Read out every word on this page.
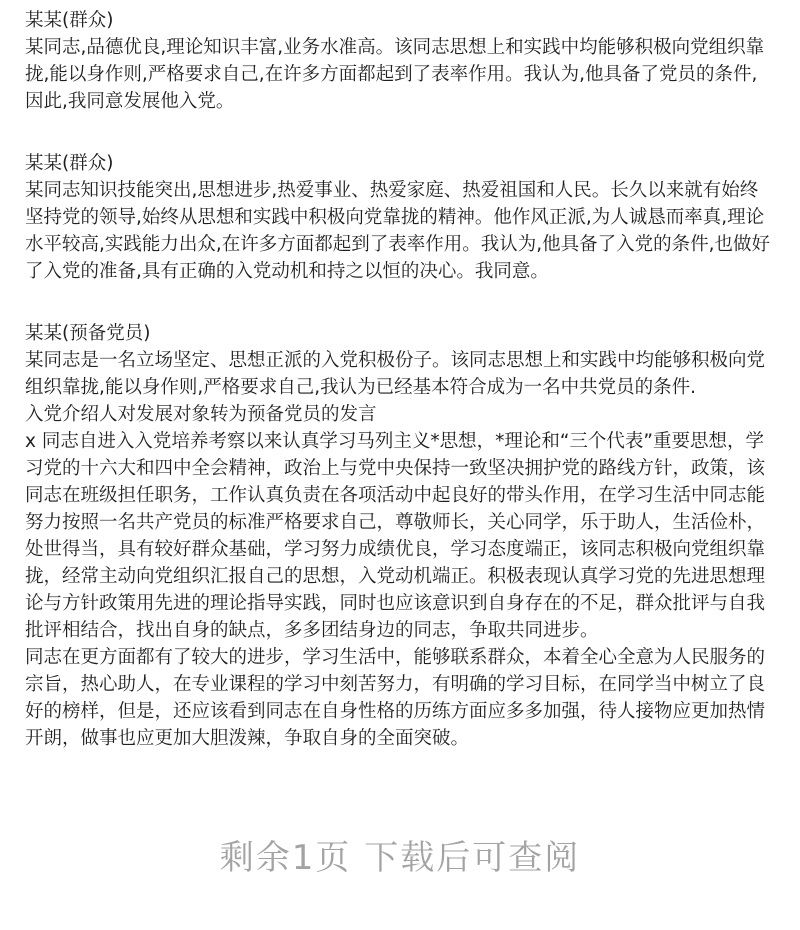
某某(群众)

某同志,品德优良,理论知识丰富,业务水准高。该同志思想上和实践中均能够积极向党组织靠

拢,能以身作则,严格要求自己,在许多方面都起到了表率作用。我认为,他具备了党员的条件,

因此,我同意发展他入党。

某某(群众)

某同志知识技能突出,思想进步,热爱事业、热爱家庭、热爱祖国和人民。长久以来就有始终

坚持党的领导,始终从思想和实践中积极向党靠拢的精神。他作风正派,为人诚恳而率真,理论

水平较高,实践能力出众,在许多方面都起到了表率作用。我认为,他具备了入党的条件,也做好

了入党的准备,具有正确的入党动机和持之以恒的决心。我同意。

某某(预备党员)

某同志是一名立场坚定、思想正派的入党积极份子。该同志思想上和实践中均能够积极向党

组织靠拢,能以身作则,严格要求自己,我认为已经基本符合成为一名中共党员的条件.

入党介绍人对发展对象转为预备党员的发言

x 同志自进入入党培养考察以来认真学习马列主义*思想，*理论和“三个代表”重要思想，学

习党的十六大和四中全会精神，政治上与党中央保持一致坚决拥护党的路线方针，政策，该

同志在班级担任职务，工作认真负责在各项活动中起良好的带头作用，在学习生活中同志能

努力按照一名共产党员的标准严格要求自己，尊敬师长，关心同学，乐于助人，生活俭朴，

处世得当，具有较好群众基础，学习努力成绩优良，学习态度端正，该同志积极向党组织靠

拢，经常主动向党组织汇报自己的思想，入党动机端正。积极表现认真学习党的先进思想理

论与方针政策用先进的理论指导实践，同时也应该意识到自身存在的不足，群众批评与自我

批评相结合，找出自身的缺点，多多团结身边的同志，争取共同进步。

同志在更方面都有了较大的进步，学习生活中，能够联系群众，本着全心全意为人民服务的

宗旨，热心助人，在专业课程的学习中刻苦努力，有明确的学习目标，在同学当中树立了良

好的榜样，但是，还应该看到同志在自身性格的历练方面应多多加强，待人接物应更加热情

开朗，做事也应更加大胆泼辣，争取自身的全面突破。

剩余1页 下载后可查阅
